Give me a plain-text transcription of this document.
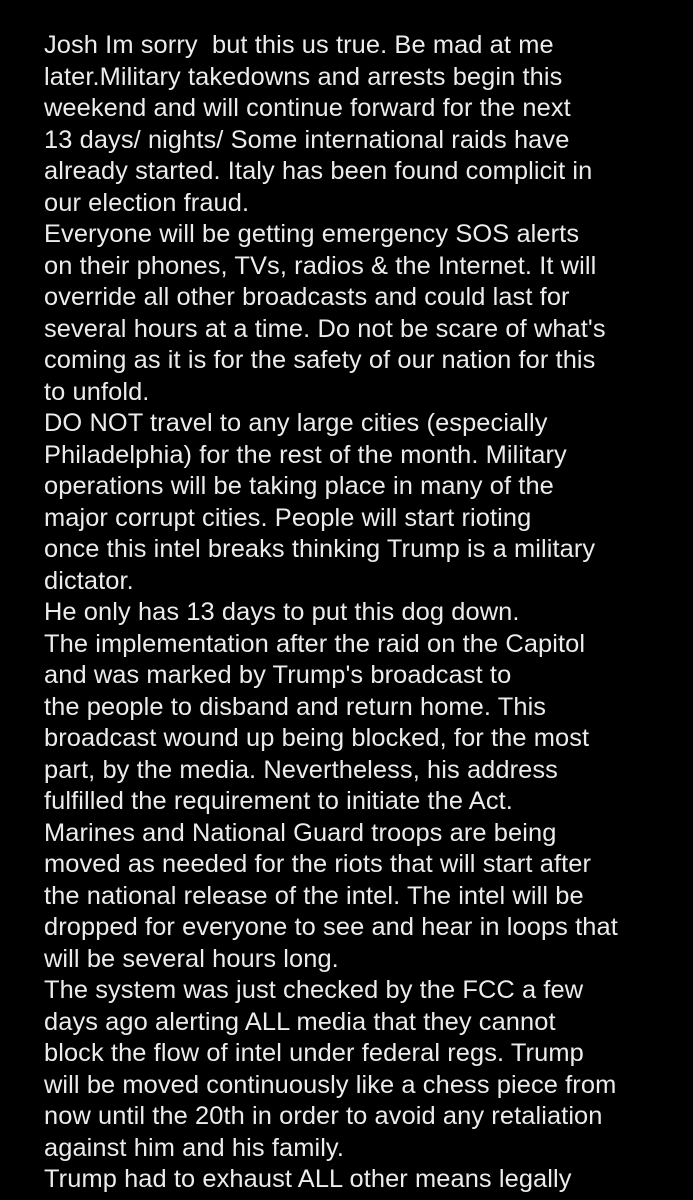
Josh Im sorry  but this us true. Be mad at me
later.Military takedowns and arrests begin this
weekend and will continue forward for the next
13 days/ nights/ Some international raids have
already started. Italy has been found complicit in
our election fraud.
Everyone will be getting emergency SOS alerts
on their phones, TVs, radios & the Internet. It will
override all other broadcasts and could last for
several hours at a time. Do not be scare of what's
coming as it is for the safety of our nation for this
to unfold.
DO NOT travel to any large cities (especially
Philadelphia) for the rest of the month. Military
operations will be taking place in many of the
major corrupt cities. People will start rioting
once this intel breaks thinking Trump is a military
dictator.
He only has 13 days to put this dog down.
The implementation after the raid on the Capitol
and was marked by Trump's broadcast to
the people to disband and return home. This
broadcast wound up being blocked, for the most
part, by the media. Nevertheless, his address
fulfilled the requirement to initiate the Act.
Marines and National Guard troops are being
moved as needed for the riots that will start after
the national release of the intel. The intel will be
dropped for everyone to see and hear in loops that
will be several hours long.
The system was just checked by the FCC a few
days ago alerting ALL media that they cannot
block the flow of intel under federal regs. Trump
will be moved continuously like a chess piece from
now until the 20th in order to avoid any retaliation
against him and his family.
Trump had to exhaust ALL other means legally
